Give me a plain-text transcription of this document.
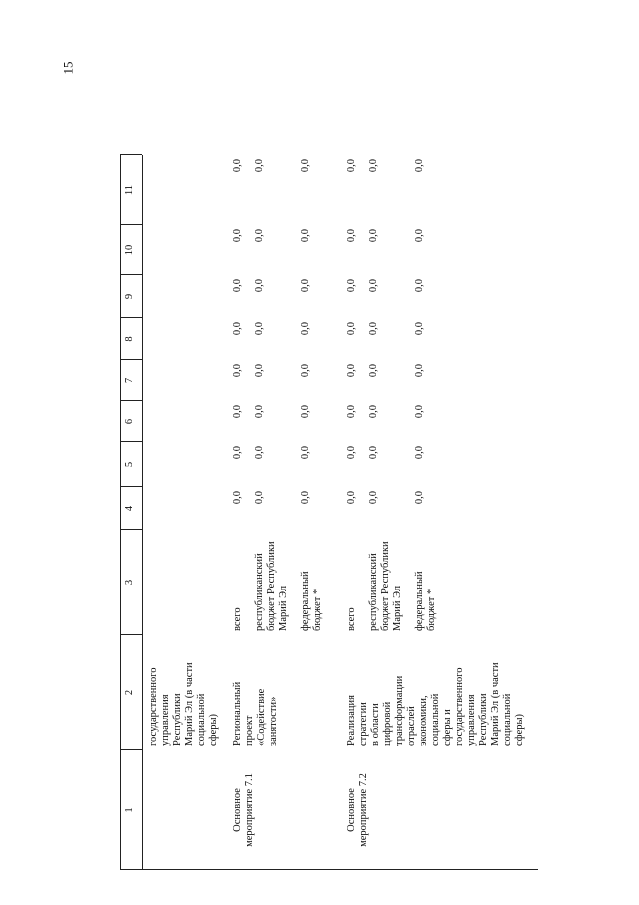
15
1
2
3
4
5
6
7
8
9
10
11
государственного управления Республики Марий Эл (в части социальной сферы)
Основное мероприятие 7.1
Региональный проект «Содействие занятости»
всего
0,0
0,0
0,0
0,0
0,0
0,0
0,0
0,0
республиканский бюджет Республики Марий Эл
0,0
0,0
0,0
0,0
0,0
0,0
0,0
0,0
федеральный бюджет *
0,0
0,0
0,0
0,0
0,0
0,0
0,0
0,0
Основное мероприятие 7.2
Реализация стратегии в области цифровой трансформации отраслей экономики, социальной сферы и государственного управления Республики Марий Эл (в части социальной сферы)
всего
0,0
0,0
0,0
0,0
0,0
0,0
0,0
0,0
республиканский бюджет Республики Марий Эл
0,0
0,0
0,0
0,0
0,0
0,0
0,0
0,0
федеральный бюджет *
0,0
0,0
0,0
0,0
0,0
0,0
0,0
0,0
